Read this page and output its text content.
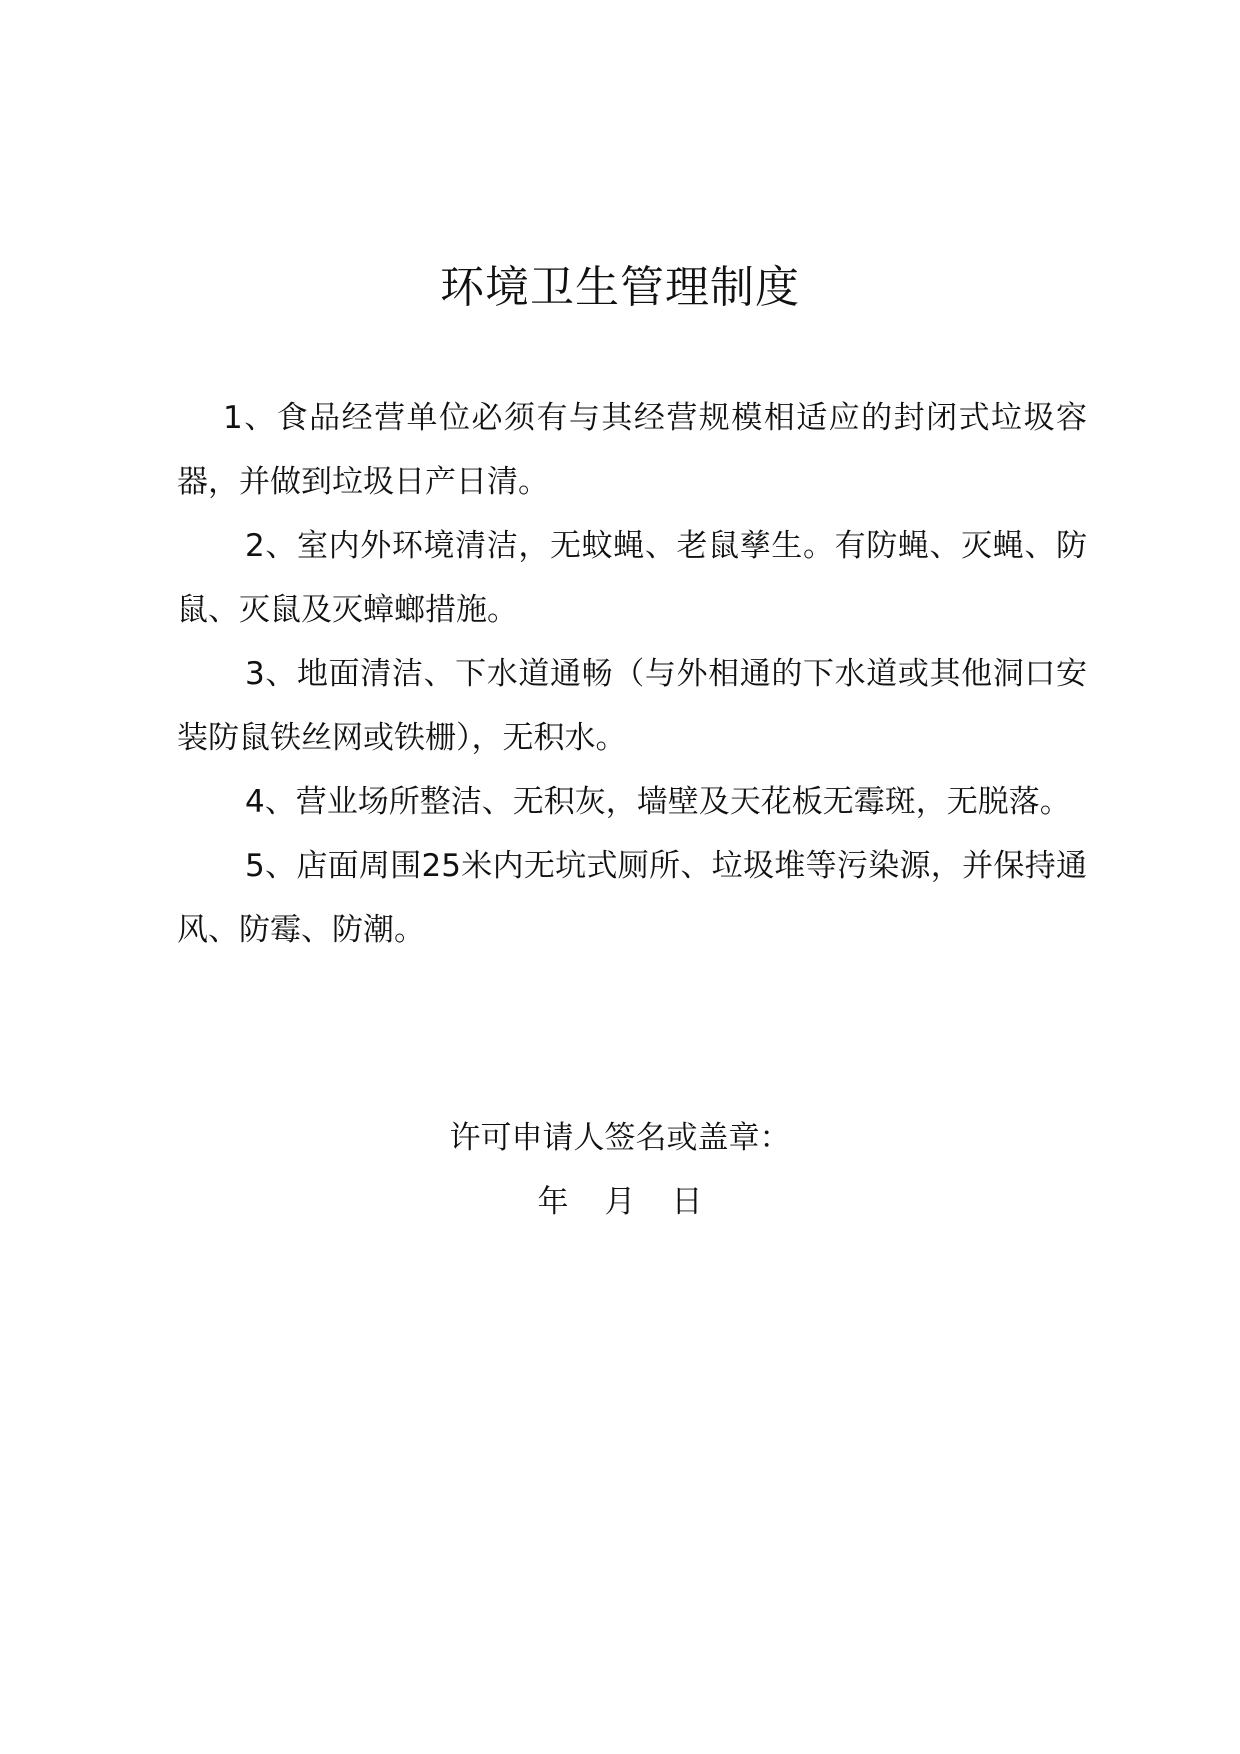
环境卫生管理制度

1、食品经营单位必须有与其经营规模相适应的封闭式垃圾容器，并做到垃圾日产日清。

2、室内外环境清洁，无蚊蝇、老鼠孳生。有防蝇、灭蝇、防鼠、灭鼠及灭蟑螂措施。

3、地面清洁、下水道通畅（与外相通的下水道或其他洞口安装防鼠铁丝网或铁栅），无积水。

4、营业场所整洁、无积灰，墙壁及天花板无霉斑，无脱落。

5、店面周围25米内无坑式厕所、垃圾堆等污染源，并保持通风、防霉、防潮。

许可申请人签名或盖章：
年 月 日
